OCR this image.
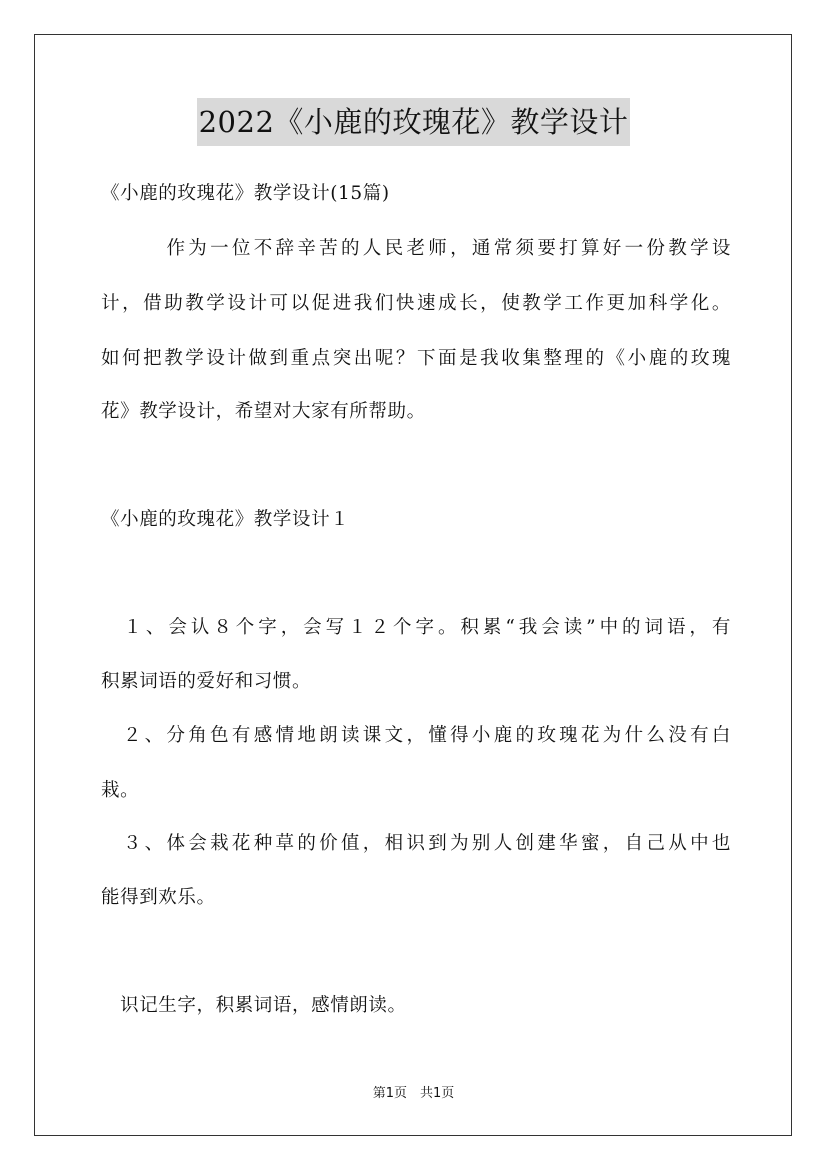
2022《小鹿的玫瑰花》教学设计
《小鹿的玫瑰花》教学设计(15篇)
　　　作为一位不辞辛苦的人民老师，通常须要打算好一份教学设
计，借助教学设计可以促进我们快速成长，使教学工作更加科学化。
如何把教学设计做到重点突出呢？下面是我收集整理的《小鹿的玫瑰
花》教学设计，希望对大家有所帮助。
《小鹿的玫瑰花》教学设计１
　１、会认８个字，会写１２个字。积累“我会读”中的词语，有
积累词语的爱好和习惯。
　２、分角色有感情地朗读课文，懂得小鹿的玫瑰花为什么没有白
栽。
　３、体会栽花种草的价值，相识到为别人创建华蜜，自己从中也
能得到欢乐。
　识记生字，积累词语，感情朗读。
第1页　共1页
